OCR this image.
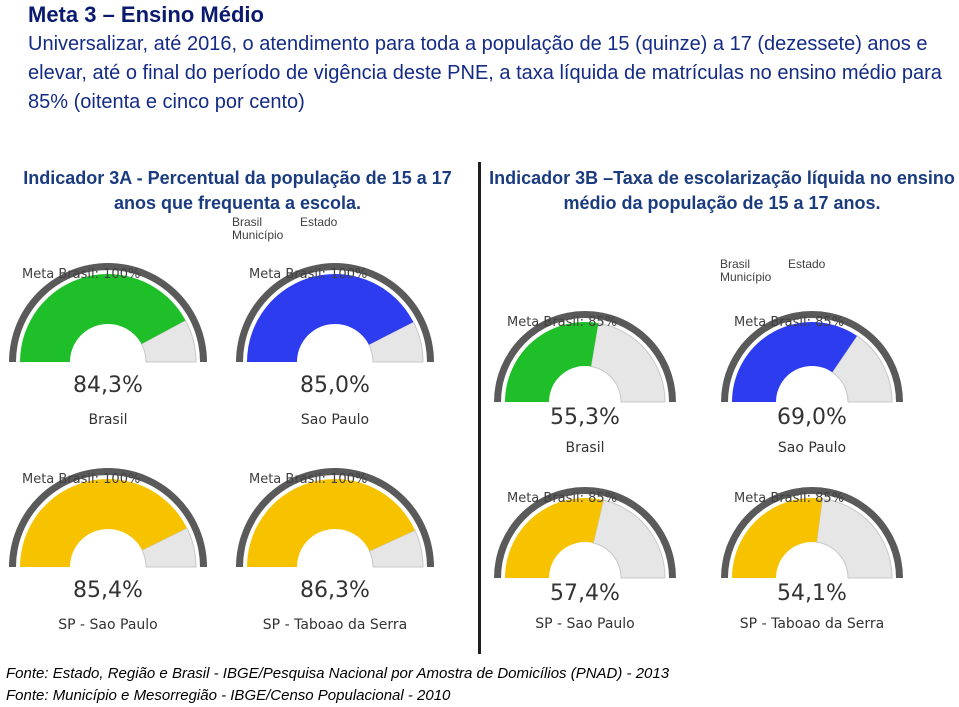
Meta 3 – Ensino Médio
Universalizar, até 2016, o atendimento para toda a população de 15 (quinze) a 17 (dezessete) anos e elevar, até o final do período de vigência deste PNE, a taxa líquida de matrículas no ensino médio para 85% (oitenta e cinco por cento)
Indicador 3A - Percentual da população de 15 a 17 anos que frequenta a escola.
Indicador 3B –Taxa de escolarização líquida no ensino médio da população de 15 a 17 anos.
Brasil
Município
Estado
Brasil
Município
Estado
Meta Brasil: 100%
84,3%
Brasil
Meta Brasil: 100%
85,0%
Sao Paulo
Meta Brasil: 100%
85,4%
SP - Sao Paulo
Meta Brasil: 100%
86,3%
SP - Taboao da Serra
Meta Brasil: 85%
55,3%
Brasil
Meta Brasil: 85%
69,0%
Sao Paulo
Meta Brasil: 85%
57,4%
SP - Sao Paulo
Meta Brasil: 85%
54,1%
SP - Taboao da Serra
Fonte: Estado, Região e Brasil - IBGE/Pesquisa Nacional por Amostra de Domicílios (PNAD) - 2013
Fonte: Município e Mesorregião - IBGE/Censo Populacional - 2010
